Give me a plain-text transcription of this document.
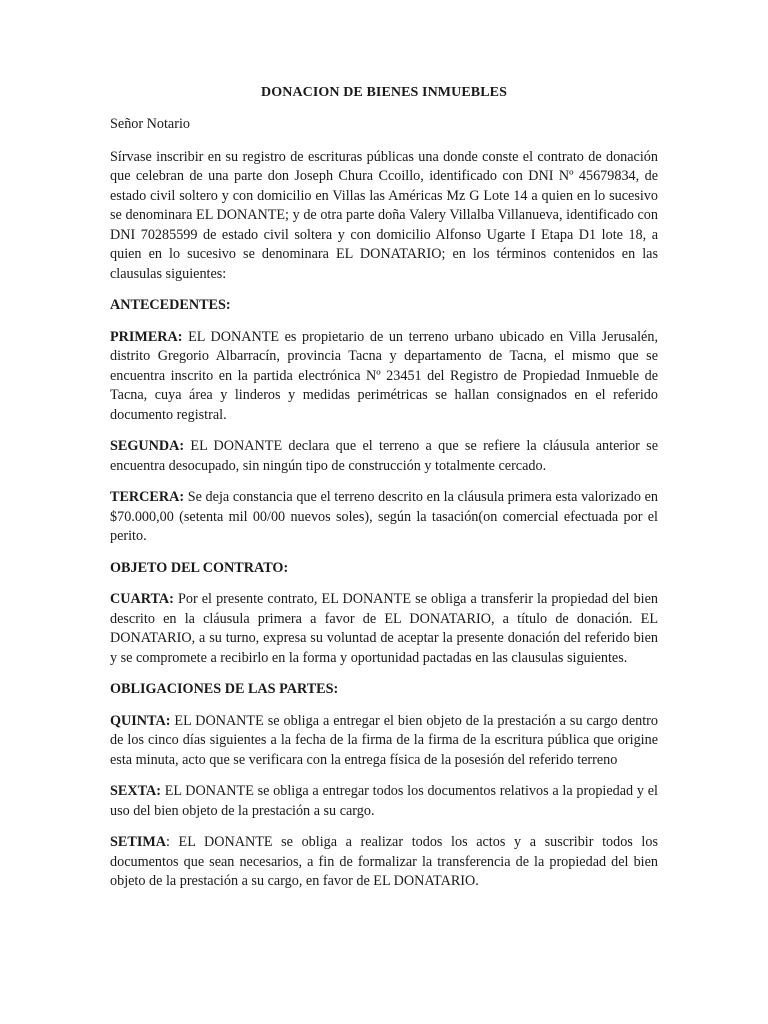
DONACION DE BIENES INMUEBLES
Señor Notario

Sírvase inscribir en su registro de escrituras públicas una donde conste el contrato de donación que celebran de una parte don Joseph Chura Ccoillo, identificado con DNI Nº 45679834, de estado civil soltero y con domicilio en Villas las Américas Mz G Lote 14 a quien en lo sucesivo se denominara EL DONANTE; y de otra parte doña Valery Villalba Villanueva, identificado con DNI 70285599 de estado civil soltera y con domicilio Alfonso Ugarte I Etapa D1 lote 18, a quien en lo sucesivo se denominara EL DONATARIO; en los términos contenidos en las clausulas siguientes:

ANTECEDENTES:

PRIMERA: EL DONANTE es propietario de un terreno urbano ubicado en Villa Jerusalén, distrito Gregorio Albarracín, provincia Tacna y departamento de Tacna, el mismo que se encuentra inscrito en la partida electrónica Nº 23451 del Registro de Propiedad Inmueble de Tacna, cuya área y linderos y medidas perimétricas se hallan consignados en el referido documento registral.

SEGUNDA: EL DONANTE declara que el terreno a que se refiere la cláusula anterior se encuentra desocupado, sin ningún tipo de construcción y totalmente cercado.

TERCERA: Se deja constancia que el terreno descrito en la cláusula primera esta valorizado en $70.000,00 (setenta mil 00/00 nuevos soles), según la tasación(on comercial efectuada por el perito.

OBJETO DEL CONTRATO:

CUARTA: Por el presente contrato, EL DONANTE se obliga a transferir la propiedad del bien descrito en la cláusula primera a favor de EL DONATARIO, a título de donación. EL DONATARIO, a su turno, expresa su voluntad de aceptar la presente donación del referido bien y se compromete a recibirlo en la forma y oportunidad pactadas en las clausulas siguientes.

OBLIGACIONES DE LAS PARTES:

QUINTA: EL DONANTE se obliga a entregar el bien objeto de la prestación a su cargo dentro de los cinco días siguientes a la fecha de la firma de la firma de la escritura pública que origine esta minuta, acto que se verificara con la entrega física de la posesión del referido terreno

SEXTA: EL DONANTE se obliga a entregar todos los documentos relativos a la propiedad y el uso del bien objeto de la prestación a su cargo.

SETIMA: EL DONANTE se obliga a realizar todos los actos y a suscribir todos los documentos que sean necesarios, a fin de formalizar la transferencia de la propiedad del bien objeto de la prestación a su cargo, en favor de EL DONATARIO.
